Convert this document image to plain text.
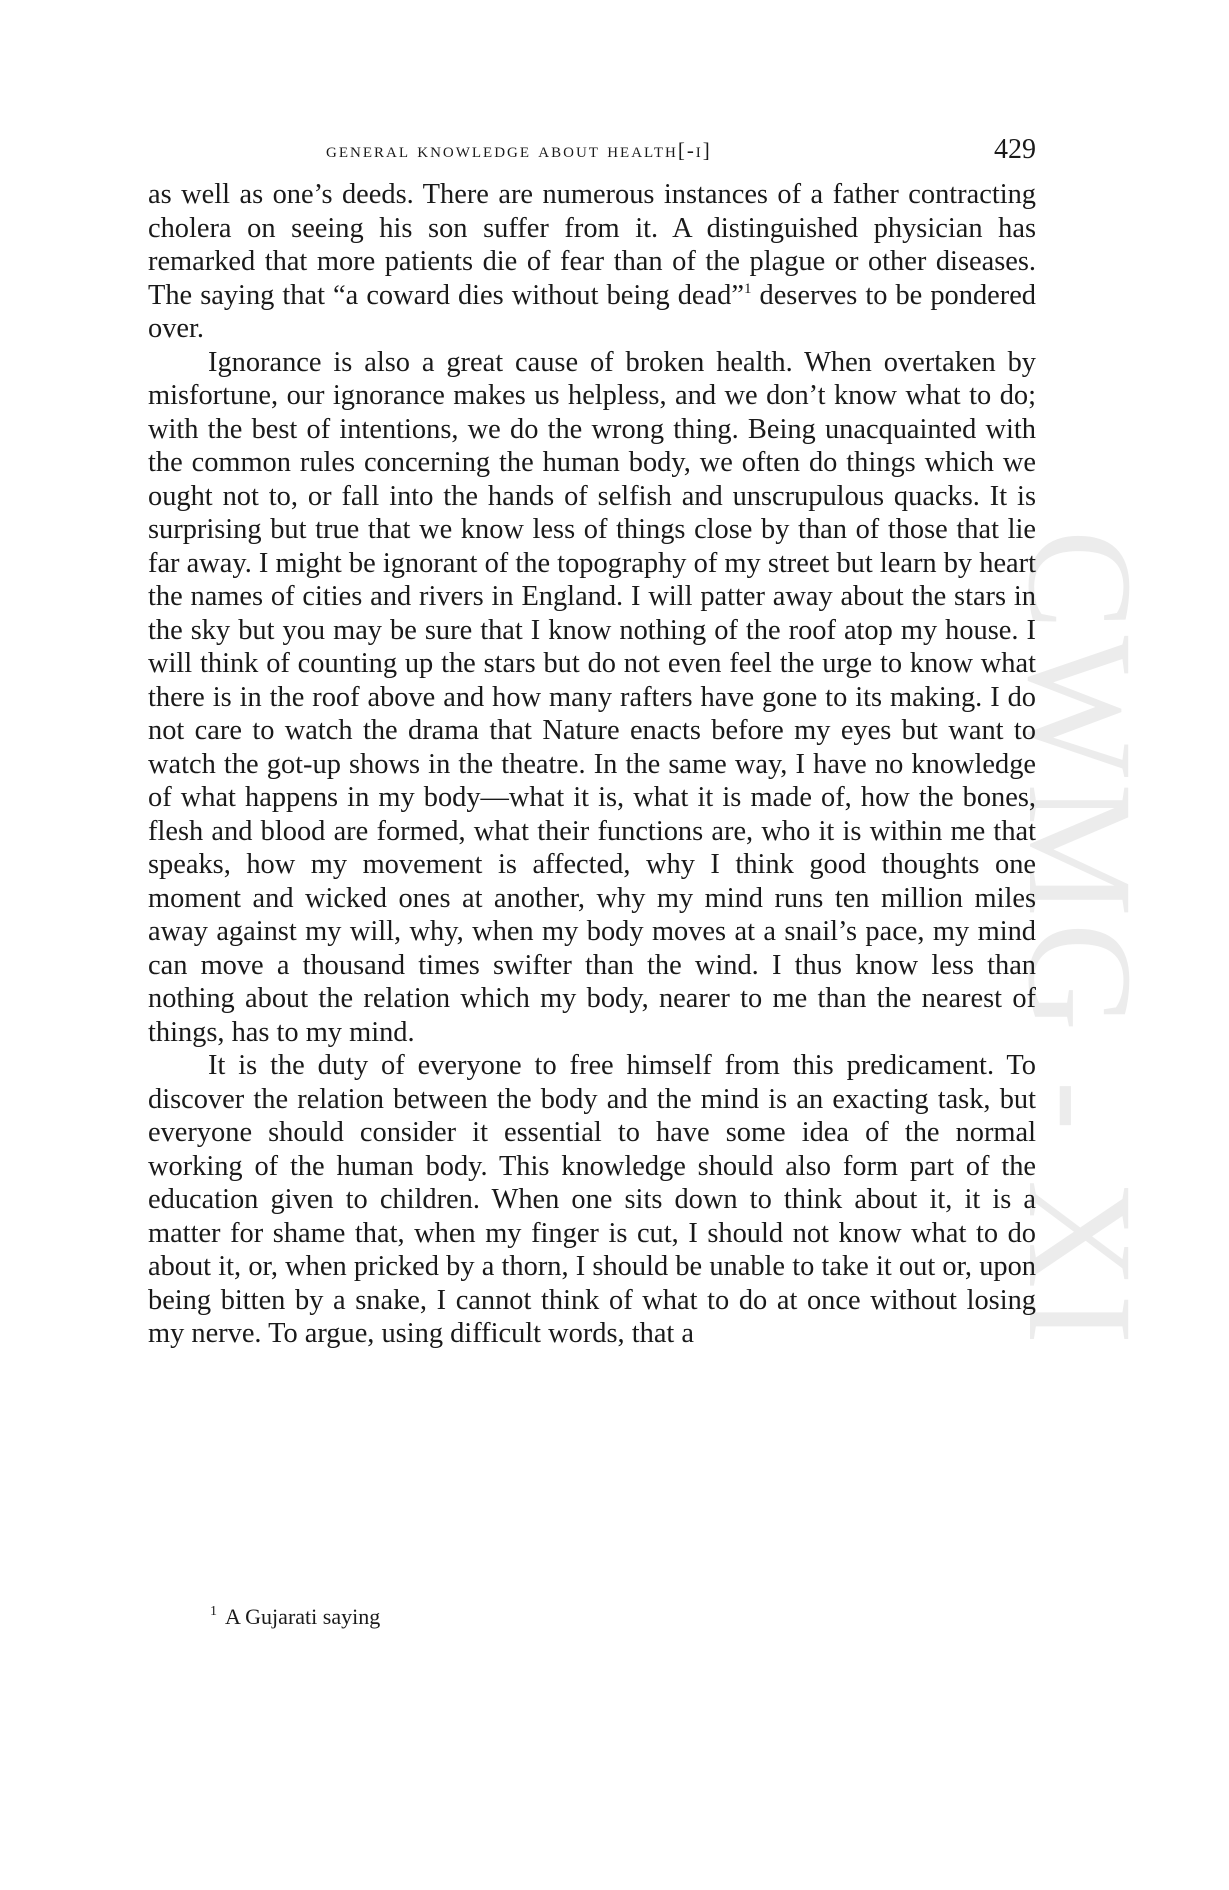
CWMG - XI
general knowledge about health[-i]	429

as well as one’s deeds. There are numerous instances of a father contracting cholera on seeing his son suffer from it. A distinguished physician has remarked that more patients die of fear than of the plague or other diseases. The saying that “a coward dies without being dead”$^1$ deserves to be pondered over.

Ignorance is also a great cause of broken health. When overtaken by misfortune, our ignorance makes us helpless, and we don’t know what to do; with the best of intentions, we do the wrong thing. Being unacquainted with the common rules concerning the human body, we often do things which we ought not to, or fall into the hands of selfish and unscrupulous quacks. It is surprising but true that we know less of things close by than of those that lie far away. I might be ignorant of the topography of my street but learn by heart the names of cities and rivers in England. I will patter away about the stars in the sky but you may be sure that I know nothing of the roof atop my house. I will think of counting up the stars but do not even feel the urge to know what there is in the roof above and how many rafters have gone to its making. I do not care to watch the drama that Nature enacts before my eyes but want to watch the got-up shows in the theatre. In the same way, I have no knowledge of what happens in my body—what it is, what it is made of, how the bones, flesh and blood are formed, what their functions are, who it is within me that speaks, how my movement is affected, why I think good thoughts one moment and wicked ones at another, why my mind runs ten million miles away against my will, why, when my body moves at a snail’s pace, my mind can move a thousand times swifter than the wind. I thus know less than nothing about the relation which my body, nearer to me than the nearest of things, has to my mind.

It is the duty of everyone to free himself from this predicament. To discover the relation between the body and the mind is an exacting task, but everyone should consider it essential to have some idea of the normal working of the human body. This knowledge should also form part of the education given to children. When one sits down to think about it, it is a matter for shame that, when my finger is cut, I should not know what to do about it, or, when pricked by a thorn, I should be unable to take it out or, upon being bitten by a snake, I cannot think of what to do at once without losing my nerve. To argue, using difficult words, that a

$^1$ A Gujarati saying
